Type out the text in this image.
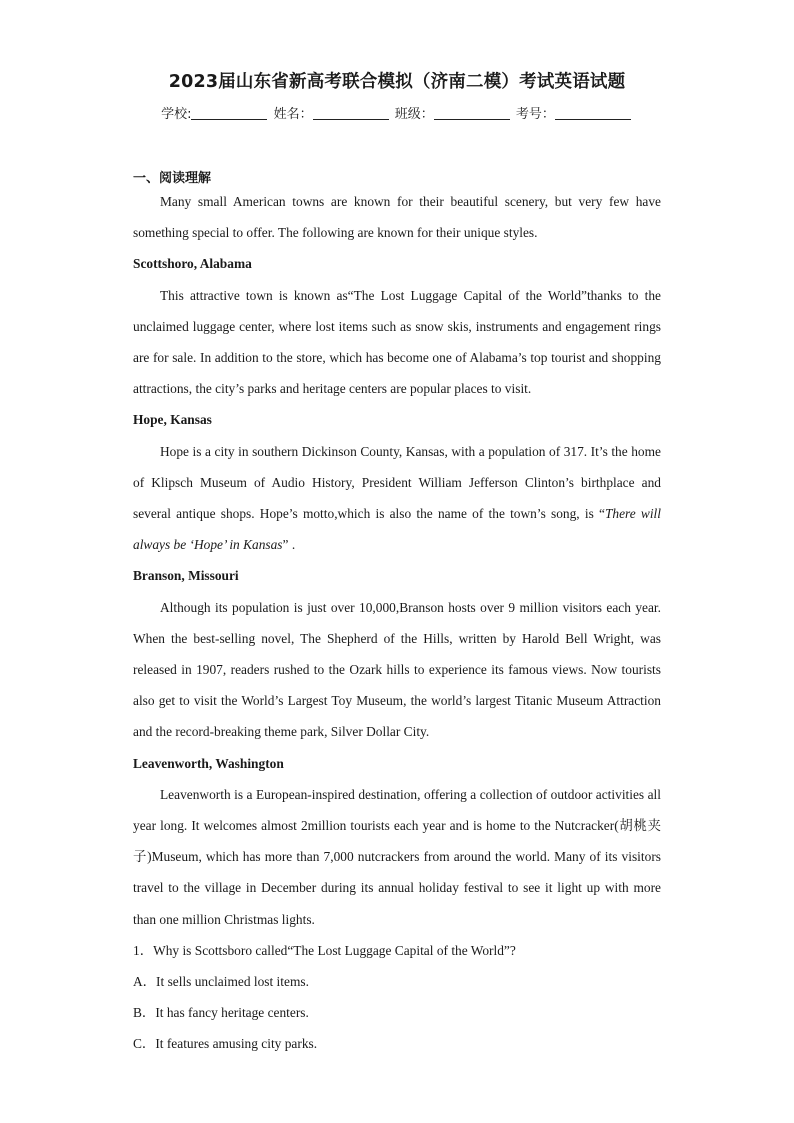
2023届山东省新高考联合模拟（济南二模）考试英语试题
学校:	姓名：	班级：	考号：
一、阅读理解

Many small American towns are known for their beautiful scenery, but very few have something special to offer. The following are known for their unique styles.

Scottshoro, Alabama

This attractive town is known as“The Lost Luggage Capital of the World”thanks to the unclaimed luggage center, where lost items such as snow skis, instruments and engagement rings are for sale. In addition to the store, which has become one of Alabama’s top tourist and shopping attractions, the city’s parks and heritage centers are popular places to visit.

Hope, Kansas

Hope is a city in southern Dickinson County, Kansas, with a population of 317. It’s the home of Klipsch Museum of Audio History, President William Jefferson Clinton’s birthplace and several antique shops. Hope’s motto,which is also the name of the town’s song, is “There will always be ‘Hope’ in Kansas” .

Branson, Missouri

Although its population is just over 10,000,Branson hosts over 9 million visitors each year. When the best-selling novel, The Shepherd of the Hills, written by Harold Bell Wright, was released in 1907, readers rushed to the Ozark hills to experience its famous views. Now tourists also get to visit the World’s Largest Toy Museum, the world’s largest Titanic Museum Attraction and the record-breaking theme park, Silver Dollar City.

Leavenworth, Washington

Leavenworth is a European-inspired destination, offering a collection of outdoor activities all year long. It welcomes almost 2million tourists each year and is home to the Nutcracker(胡桃夹子)Museum, which has more than 7,000 nutcrackers from around the world. Many of its visitors travel to the village in December during its annual holiday festival to see it light up with more than one million Christmas lights.

1．Why is Scottsboro called“The Lost Luggage Capital of the World”?

A．It sells unclaimed lost items.

B．It has fancy heritage centers.

C．It features amusing city parks.
